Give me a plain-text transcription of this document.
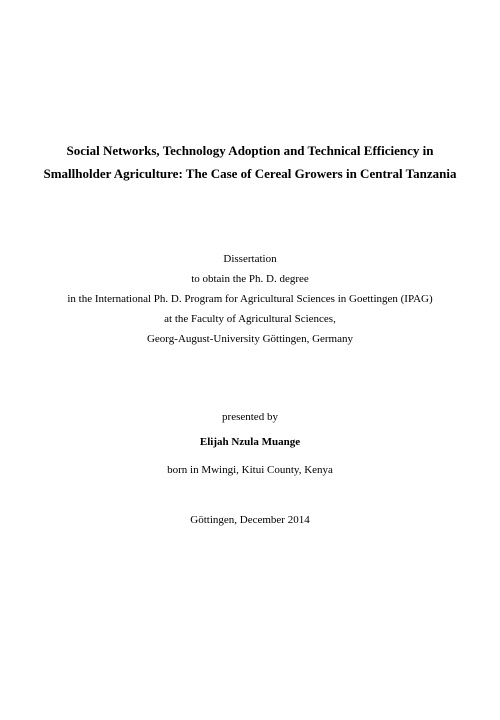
Social Networks, Technology Adoption and Technical Efficiency in
Smallholder Agriculture: The Case of Cereal Growers in Central Tanzania
Dissertation
to obtain the Ph. D. degree
in the International Ph. D. Program for Agricultural Sciences in Goettingen (IPAG)
at the Faculty of Agricultural Sciences,
Georg-August-University Göttingen, Germany
presented by
Elijah Nzula Muange
born in Mwingi, Kitui County, Kenya
Göttingen, December 2014
